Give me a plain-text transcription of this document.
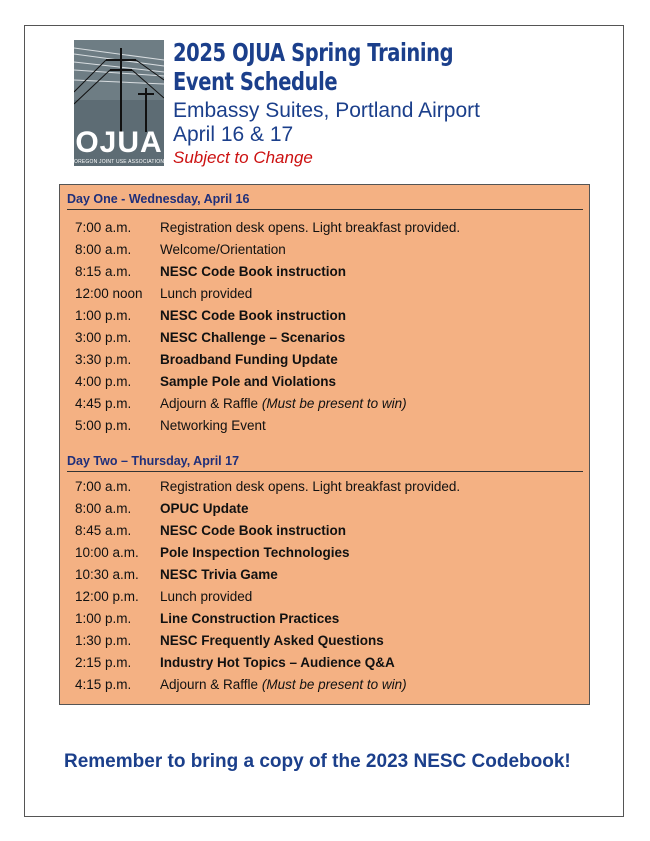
OJUA
OREGON JOINT USE ASSOCIATION
2025 OJUA Spring Training
Event Schedule
Embassy Suites, Portland Airport
April 16 & 17
Subject to Change
Day One - Wednesday, April 16
7:00 a.m. Registration desk opens. Light breakfast provided.
8:00 a.m. Welcome/Orientation
8:15 a.m. NESC Code Book instruction
12:00 noon Lunch provided
1:00 p.m. NESC Code Book instruction
3:00 p.m. NESC Challenge – Scenarios
3:30 p.m. Broadband Funding Update
4:00 p.m. Sample Pole and Violations
4:45 p.m. Adjourn & Raffle (Must be present to win)
5:00 p.m. Networking Event
Day Two – Thursday, April 17
7:00 a.m. Registration desk opens. Light breakfast provided.
8:00 a.m. OPUC Update
8:45 a.m. NESC Code Book instruction
10:00 a.m. Pole Inspection Technologies
10:30 a.m. NESC Trivia Game
12:00 p.m. Lunch provided
1:00 p.m. Line Construction Practices
1:30 p.m. NESC Frequently Asked Questions
2:15 p.m. Industry Hot Topics – Audience Q&A
4:15 p.m. Adjourn & Raffle (Must be present to win)
Remember to bring a copy of the 2023 NESC Codebook!
